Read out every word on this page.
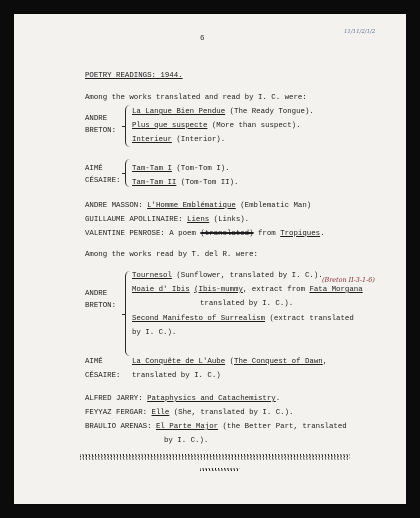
6
11/11/2/1/2
POETRY READINGS: 1944.
Among the works translated and read by I. C. were:
ANDRE
BRETON:
La Langue Bien Pendue (The Ready Tongue).
Plus que suspecte (More than suspect).
Interieur (Interior).
AIMÉ
CÉSAIRE:
Tam-Tam I (Tom-Tom I).
Tam-Tam II (Tom-Tom II).
ANDRE MASSON: L'Homme Emblématique (Emblematic Man)
GUILLAUME APOLLINAIRE: Liens (Links).
VALENTINE PENROSE: A poem (translated) from Tropiques.
Among the works read by T. del R. were:
ANDRE
BRETON:
Tournesol (Sunflower, translated by I. C.). (Breton II-3-1-6)
Moaie d' Ibis (Ibis-mummy, extract from Fata Morgana
translated by I. C.).
Second Manifesto of Surrealism (extract translated
by I. C.).
AIMÉ
CÉSAIRE:
La Conquête de L'Aube (The Conquest of Dawn,
translated by I. C.)
ALFRED JARRY: Pataphysics and Catachemistry.
FEYYAZ FERGAR: Elle (She, translated by I. C.).
BRAULIO ARENAS: El Parte Major (the Better Part, translated
by I. C.).
